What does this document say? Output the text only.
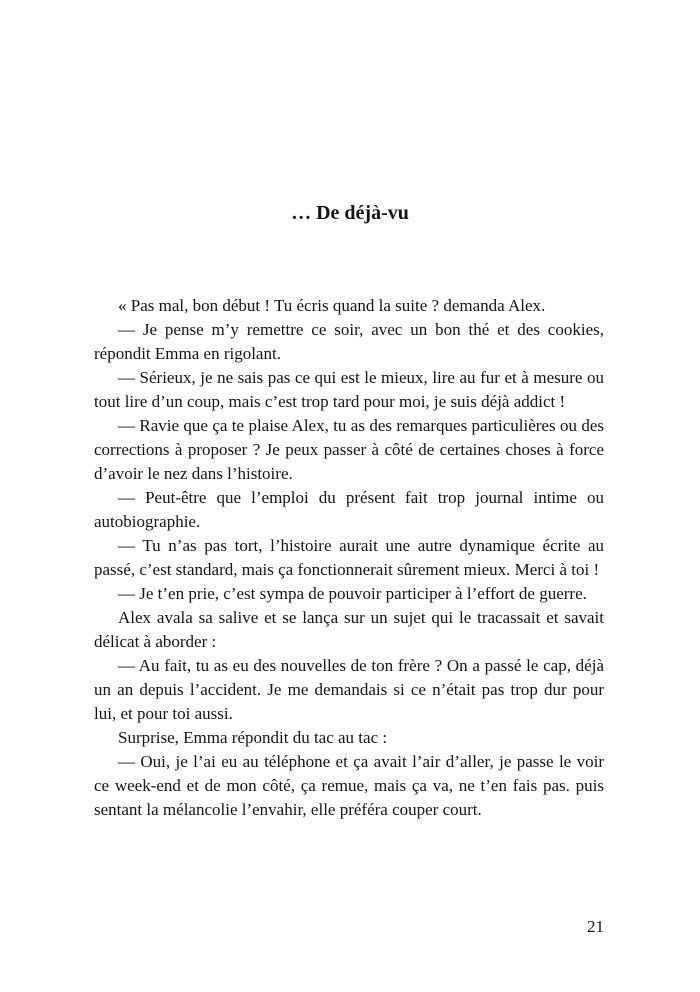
… De déjà-vu

« Pas mal, bon début ! Tu écris quand la suite ? demanda Alex.

— Je pense m’y remettre ce soir, avec un bon thé et des cookies, répondit Emma en rigolant.

— Sérieux, je ne sais pas ce qui est le mieux, lire au fur et à mesure ou tout lire d’un coup, mais c’est trop tard pour moi, je suis déjà addict !

— Ravie que ça te plaise Alex, tu as des remarques particulières ou des corrections à proposer ? Je peux passer à côté de certaines choses à force d’avoir le nez dans l’histoire.

— Peut-être que l’emploi du présent fait trop journal intime ou autobiographie.

— Tu n’as pas tort, l’histoire aurait une autre dynamique écrite au passé, c’est standard, mais ça fonctionnerait sûrement mieux. Merci à toi !

— Je t’en prie, c’est sympa de pouvoir participer à l’effort de guerre.

Alex avala sa salive et se lança sur un sujet qui le tracassait et savait délicat à aborder :

— Au fait, tu as eu des nouvelles de ton frère ? On a passé le cap, déjà un an depuis l’accident. Je me demandais si ce n’était pas trop dur pour lui, et pour toi aussi.

Surprise, Emma répondit du tac au tac :

— Oui, je l’ai eu au téléphone et ça avait l’air d’aller, je passe le voir ce week-end et de mon côté, ça remue, mais ça va, ne t’en fais pas. puis sentant la mélancolie l’envahir, elle préféra couper court.

21
